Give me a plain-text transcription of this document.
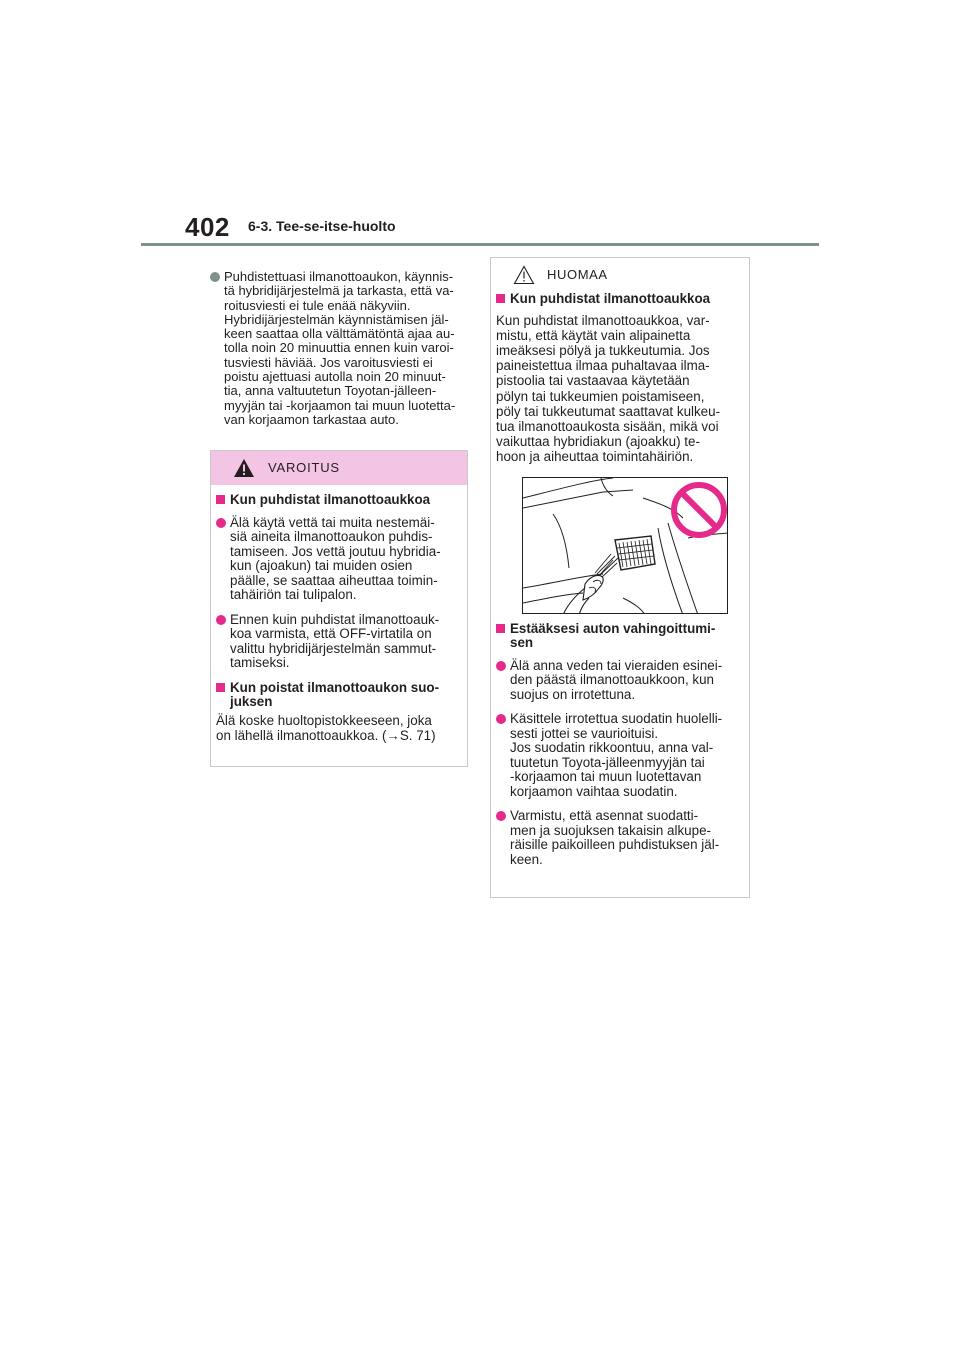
402 6-3. Tee-se-itse-huolto
Puhdistettuasi ilmanottoaukon, käynnis-
tä hybridijärjestelmä ja tarkasta, että va-
roitusviesti ei tule enää näkyviin.
Hybridijärjestelmän käynnistämisen jäl-
keen saattaa olla välttämätöntä ajaa au-
tolla noin 20 minuuttia ennen kuin varoi-
tusviesti häviää. Jos varoitusviesti ei
poistu ajettuasi autolla noin 20 minuut-
tia, anna valtuutetun Toyotan-jälleen-
myyjän tai -korjaamon tai muun luotetta-
van korjaamon tarkastaa auto.
VAROITUS
Kun puhdistat ilmanottoaukkoa
Älä käytä vettä tai muita nestemäi-
siä aineita ilmanottoaukon puhdis-
tamiseen. Jos vettä joutuu hybridia-
kun (ajoakun) tai muiden osien
päälle, se saattaa aiheuttaa toimin-
tahäiriön tai tulipalon.
Ennen kuin puhdistat ilmanottoauk-
koa varmista, että OFF-virtatila on
valittu hybridijärjestelmän sammut-
tamiseksi.
Kun poistat ilmanottoaukon suo-
juksen
Älä koske huoltopistokkeeseen, joka
on lähellä ilmanottoaukkoa. (→S. 71)
HUOMAA
Kun puhdistat ilmanottoaukkoa
Kun puhdistat ilmanottoaukkoa, var-
mistu, että käytät vain alipainetta
imeäksesi pölyä ja tukkeutumia. Jos
paineistettua ilmaa puhaltavaa ilma-
pistoolia tai vastaavaa käytetään
pölyn tai tukkeumien poistamiseen,
pöly tai tukkeutumat saattavat kulkeu-
tua ilmanottoaukosta sisään, mikä voi
vaikuttaa hybridiakun (ajoakku) te-
hoon ja aiheuttaa toimintahäiriön.
Estääksesi auton vahingoittumi-
sen
Älä anna veden tai vieraiden esinei-
den päästä ilmanottoaukkoon, kun
suojus on irrotettuna.
Käsittele irrotettua suodatin huolelli-
sesti jottei se vaurioituisi.
Jos suodatin rikkoontuu, anna val-
tuutetun Toyota-jälleenmyyjän tai
-korjaamon tai muun luotettavan
korjaamon vaihtaa suodatin.
Varmistu, että asennat suodatti-
men ja suojuksen takaisin alkupe-
räisille paikoilleen puhdistuksen jäl-
keen.
